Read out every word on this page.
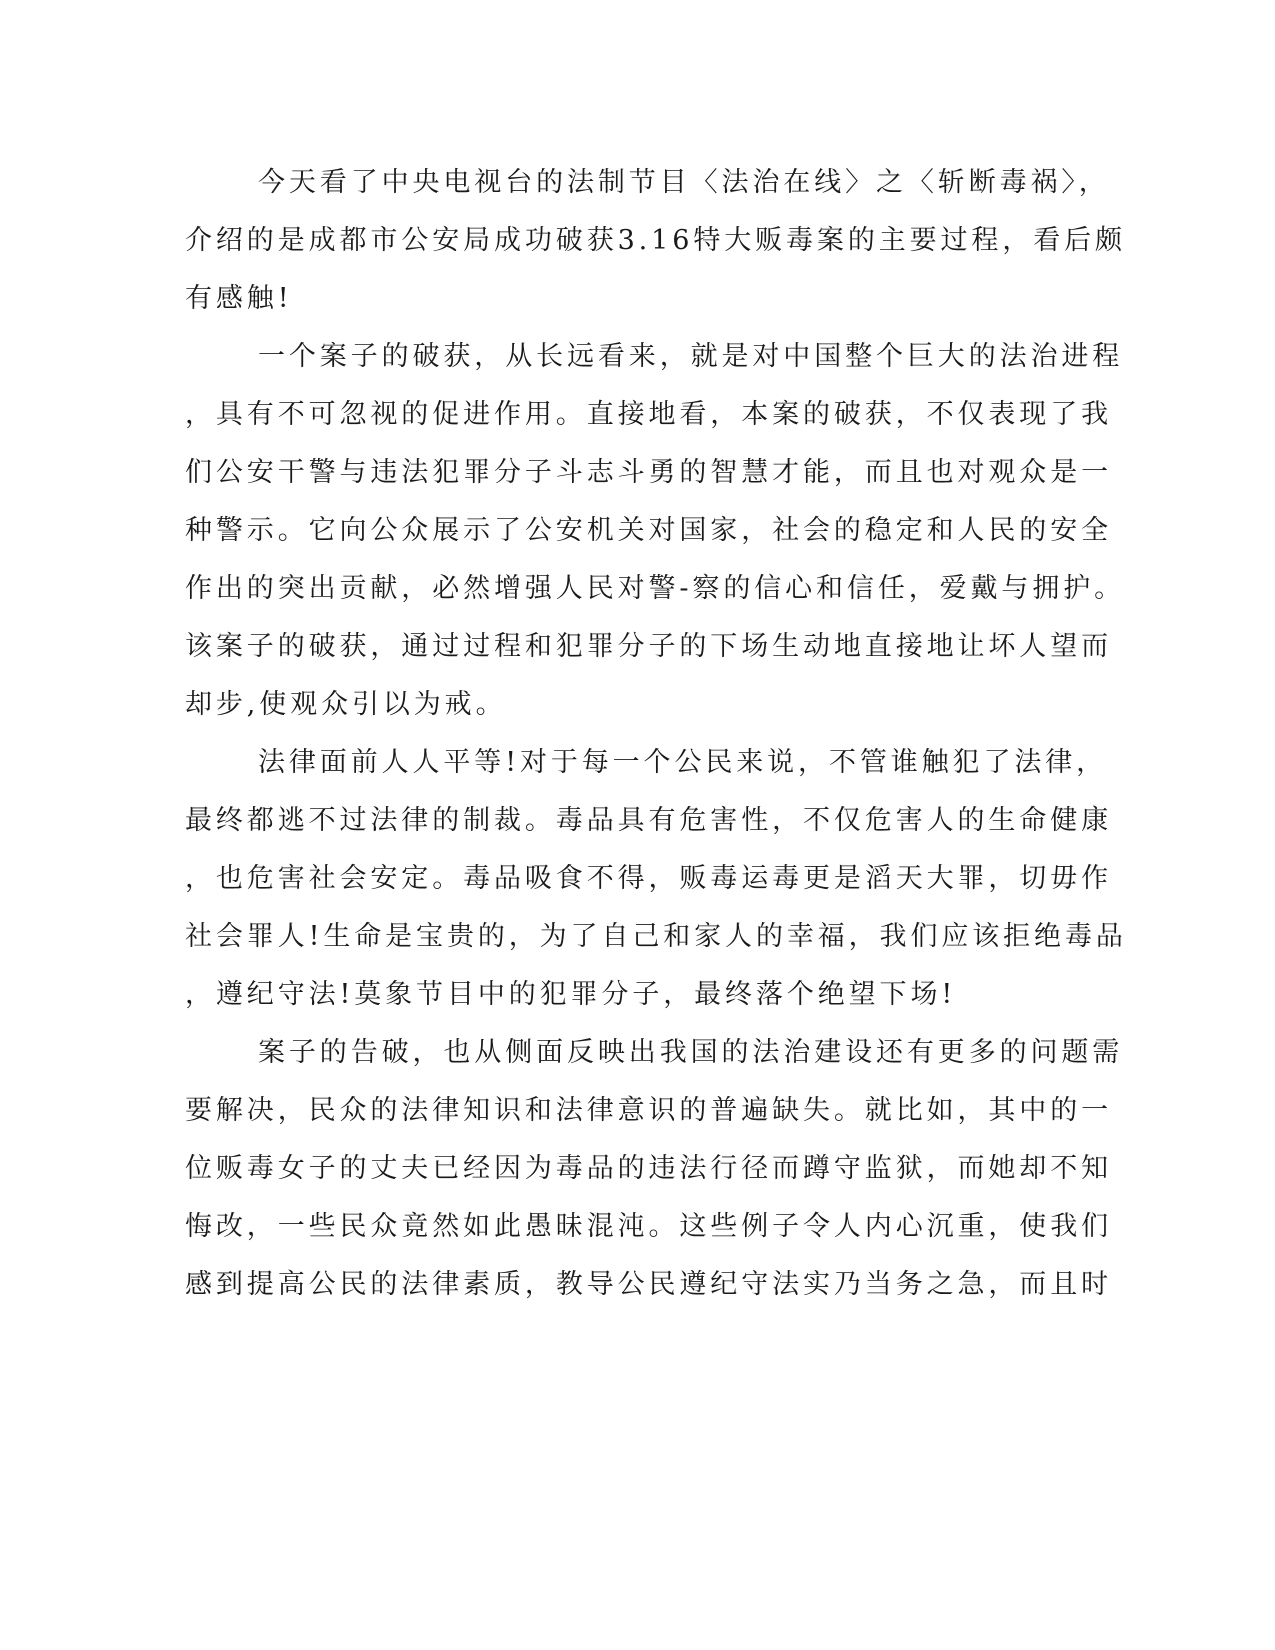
今天看了中央电视台的法制节目〈法治在线〉之〈斩断毒祸〉，

介绍的是成都市公安局成功破获3.16特大贩毒案的主要过程，看后颇

有感触!

一个案子的破获，从长远看来，就是对中国整个巨大的法治进程

，具有不可忽视的促进作用。直接地看，本案的破获，不仅表现了我

们公安干警与违法犯罪分子斗志斗勇的智慧才能，而且也对观众是一

种警示。它向公众展示了公安机关对国家，社会的稳定和人民的安全

作出的突出贡献，必然增强人民对警-察的信心和信任，爱戴与拥护。

该案子的破获，通过过程和犯罪分子的下场生动地直接地让坏人望而

却步,使观众引以为戒。

法律面前人人平等!对于每一个公民来说，不管谁触犯了法律，

最终都逃不过法律的制裁。毒品具有危害性，不仅危害人的生命健康

，也危害社会安定。毒品吸食不得，贩毒运毒更是滔天大罪，切毋作

社会罪人!生命是宝贵的，为了自己和家人的幸福，我们应该拒绝毒品

，遵纪守法!莫象节目中的犯罪分子，最终落个绝望下场!

案子的告破，也从侧面反映出我国的法治建设还有更多的问题需

要解决，民众的法律知识和法律意识的普遍缺失。就比如，其中的一

位贩毒女子的丈夫已经因为毒品的违法行径而蹲守监狱，而她却不知

悔改，一些民众竟然如此愚昧混沌。这些例子令人内心沉重，使我们

感到提高公民的法律素质，教导公民遵纪守法实乃当务之急，而且时
